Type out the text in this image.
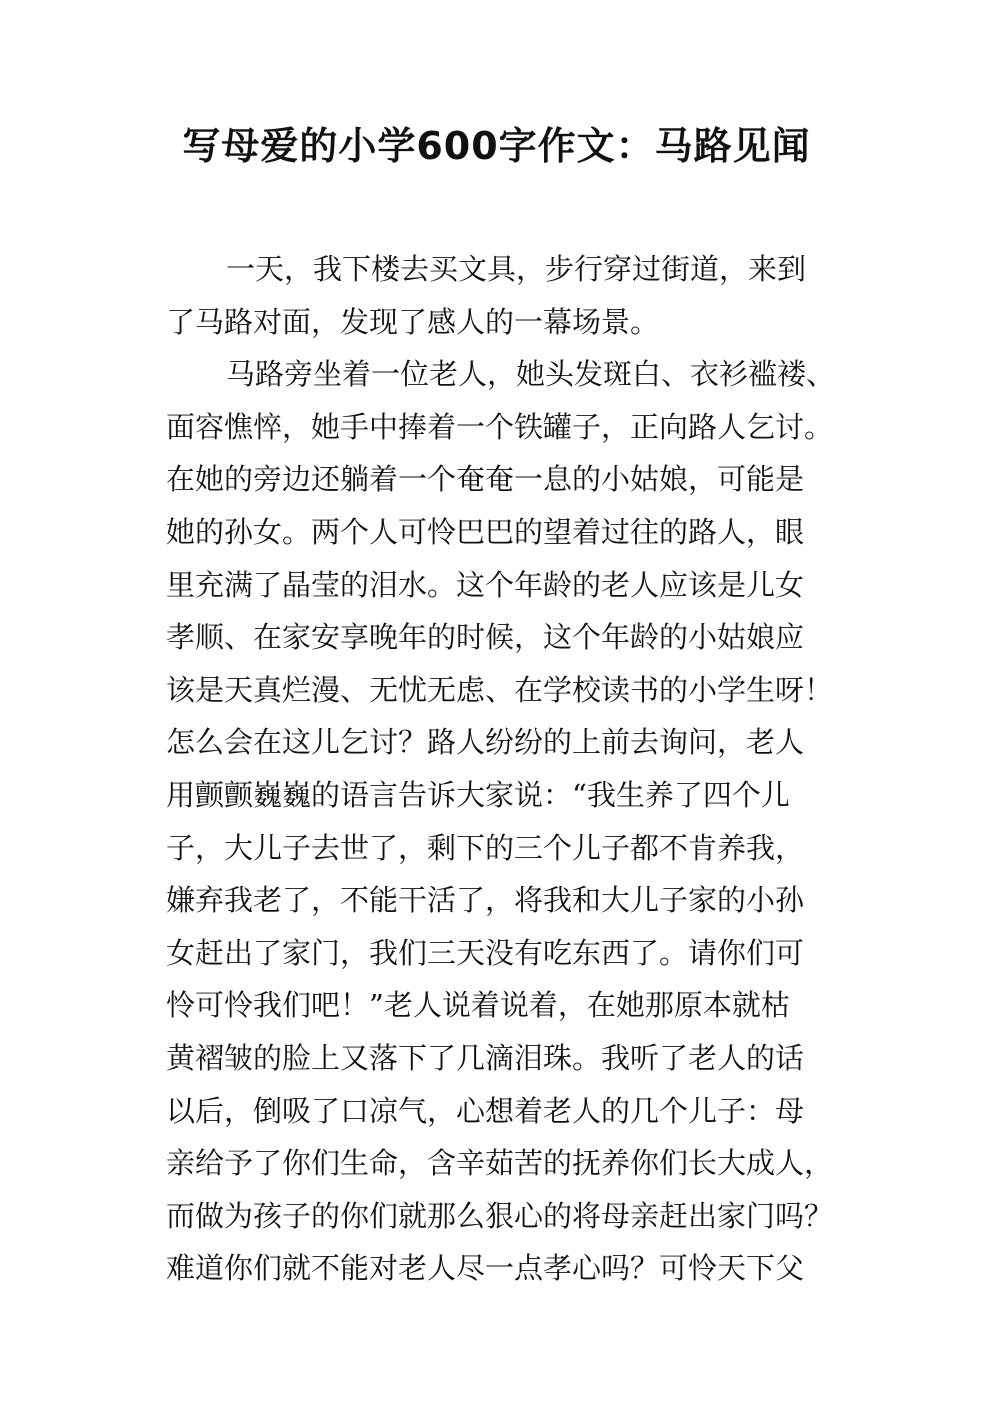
写母爱的小学600字作文：马路见闻
一天，我下楼去买文具，步行穿过街道，来到
了马路对面，发现了感人的一幕场景。
马路旁坐着一位老人，她头发斑白、衣衫褴褛、
面容憔悴，她手中捧着一个铁罐子，正向路人乞讨。
在她的旁边还躺着一个奄奄一息的小姑娘，可能是
她的孙女。两个人可怜巴巴的望着过往的路人，眼
里充满了晶莹的泪水。这个年龄的老人应该是儿女
孝顺、在家安享晚年的时候，这个年龄的小姑娘应
该是天真烂漫、无忧无虑、在学校读书的小学生呀！
怎么会在这儿乞讨？路人纷纷的上前去询问，老人
用颤颤巍巍的语言告诉大家说：“我生养了四个儿
子，大儿子去世了，剩下的三个儿子都不肯养我，
嫌弃我老了，不能干活了，将我和大儿子家的小孙
女赶出了家门，我们三天没有吃东西了。请你们可
怜可怜我们吧！”老人说着说着，在她那原本就枯
黄褶皱的脸上又落下了几滴泪珠。我听了老人的话
以后，倒吸了口凉气，心想着老人的几个儿子：母
亲给予了你们生命，含辛茹苦的抚养你们长大成人，
而做为孩子的你们就那么狠心的将母亲赶出家门吗？
难道你们就不能对老人尽一点孝心吗？可怜天下父
